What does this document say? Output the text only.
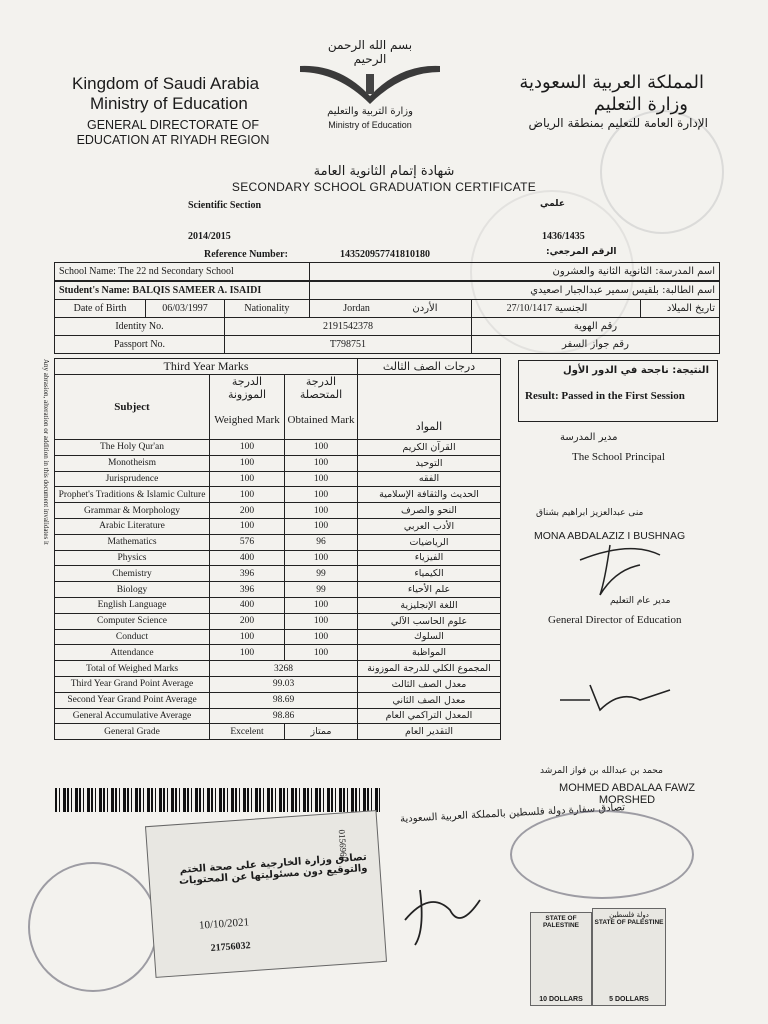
Kingdom of Saudi Arabia
Ministry of Education
GENERAL DIRECTORATE OF EDUCATION AT RIYADH REGION
المملكة العربية السعودية
وزارة التعليم
الإدارة العامة للتعليم بمنطقة الرياض
بسم الله الرحمن الرحيم
وزارة التربية والتعليم
Ministry of Education
شهادة إتمام الثانوية العامة
SECONDARY SCHOOL GRADUATION CERTIFICATE
Scientific Section	علمي
2014/2015	1436/1435
Reference Number:	143520957741810180	الرقم المرجعي:
School Name: The 22 nd Secondary School			اسم المدرسة: الثانوية الثانية والعشرون		
Student's Name: BALQIS SAMEER A. ISAIDI			اسم الطالبة: بلقيس سمير عبدالجبار اصعيدي		
Date of Birth	06/03/1997	Nationality	Jordan الأردن	الجنسية 27/10/1417	تاريخ الميلاد
Identity No.		2191542378		رقم الهوية	
Passport No.		T798751		رقم جواز السفر	
Any abrasion, alteration or addition in this document invalidates it	Third Year Marks			درجات الصف الثالث
Subject	الدرجة الموزونة	الدرجة المتحصلة	المواد
	Weighed Mark	Obtained Mark	
The Holy Qur'an	100	100	القرآن الكريم
Monotheism	100	100	التوحيد
Jurisprudence	100	100	الفقه
Prophet's Traditions & Islamic Culture	100	100	الحديث والثقافة الإسلامية
Grammar & Morphology	200	100	النحو والصرف
Arabic Literature	100	100	الأدب العربي
Mathematics	576	96	الرياضيات
Physics	400	100	الفيزياء
Chemistry	396	99	الكيمياء
Biology	396	99	علم الأحياء
English Language	400	100	اللغة الإنجليزية
Computer Science	200	100	علوم الحاسب الآلي
Conduct	100	100	السلوك
Attendance	100	100	المواظبة
Total of Weighed Marks	3268		المجموع الكلي للدرجة الموزونة
Third Year Grand Point Average	99.03		معدل الصف الثالث
Second Year Grand Point Average	98.69		معدل الصف الثاني
General Accumulative Average	98.86		المعدل التراكمي العام
General Grade	Excelent	ممتاز	التقدير العام
النتيجة: ناجحة في الدور الأول
Result: Passed in the First Session
مدير المدرسة
The School Principal
منى عبدالعزيز ابراهيم بشناق
MONA ABDALAZIZ I BUSHNAG
مدير عام التعليم
General Director of Education
محمد بن عبدالله بن فواز المرشد
MOHMED ABDALAA FAWZ
MORSHED
تصادق سفارة دولة فلسطين بالمملكة العربية السعودية
تصادق وزارة الخارجية على صحة الختم والتوقيع دون مسئوليتها عن المحتويات
10/10/2021
21756032
0156960
STATE OF PALESTINE
10 DOLLARS
دولة فلسطين
STATE OF PALESTINE
5 DOLLARS
